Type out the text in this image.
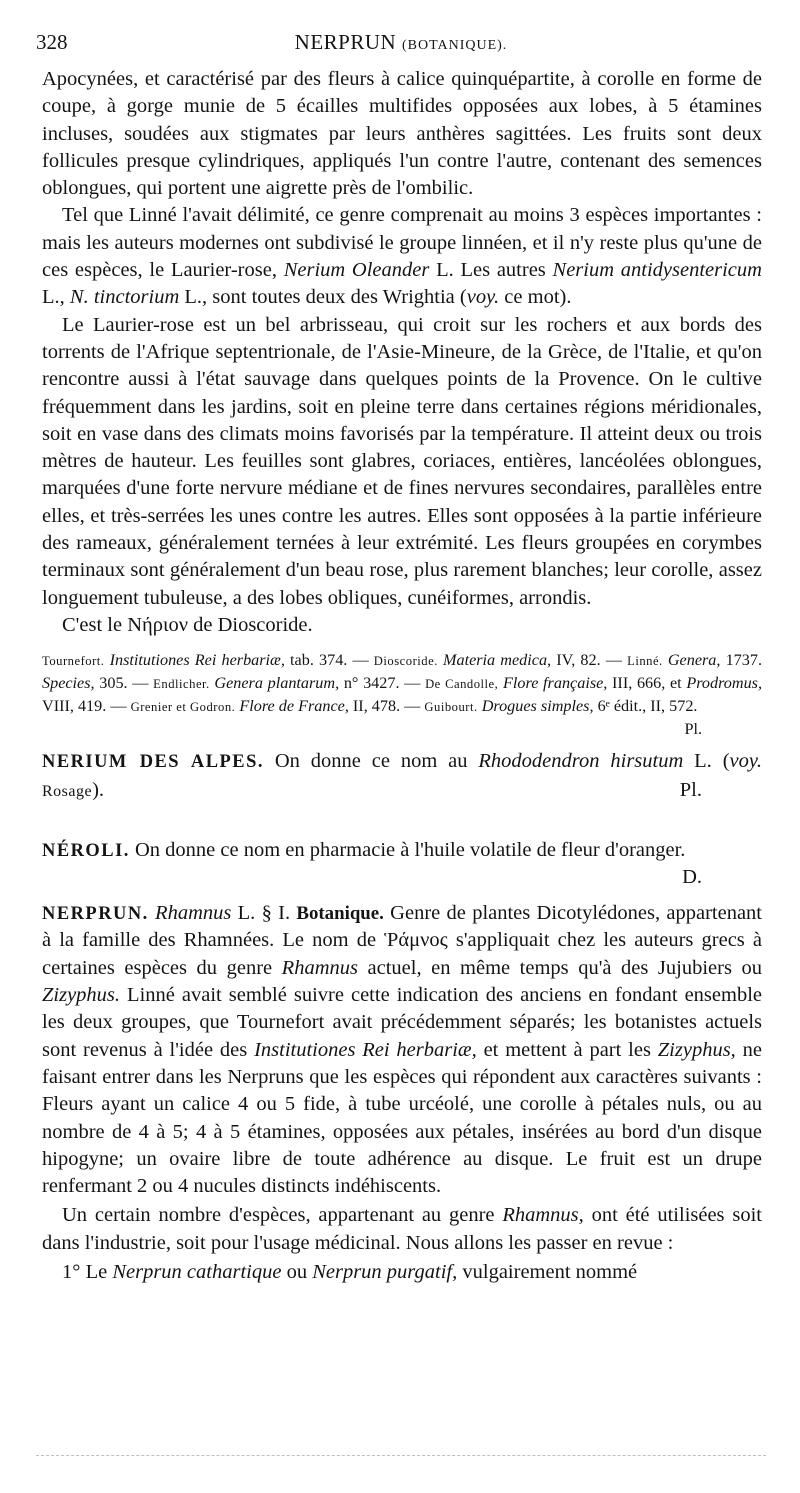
328	NERPRUN (BOTANIQUE).

Apocynées, et caractérisé par des fleurs à calice quinquépartite, à corolle en forme de coupe, à gorge munie de 5 écailles multifides opposées aux lobes, à 5 étamines incluses, soudées aux stigmates par leurs anthères sagittées. Les fruits sont deux follicules presque cylindriques, appliqués l'un contre l'autre, contenant des semences oblongues, qui portent une aigrette près de l'ombilic.

Tel que Linné l'avait délimité, ce genre comprenait au moins 3 espèces importantes : mais les auteurs modernes ont subdivisé le groupe linnéen, et il n'y reste plus qu'une de ces espèces, le Laurier-rose, Nerium Oleander L. Les autres Nerium antidysentericum L., N. tinctorium L., sont toutes deux des Wrightia (voy. ce mot).

Le Laurier-rose est un bel arbrisseau, qui croit sur les rochers et aux bords des torrents de l'Afrique septentrionale, de l'Asie-Mineure, de la Grèce, de l'Italie, et qu'on rencontre aussi à l'état sauvage dans quelques points de la Provence. On le cultive fréquemment dans les jardins, soit en pleine terre dans certaines régions méridionales, soit en vase dans des climats moins favorisés par la température. Il atteint deux ou trois mètres de hauteur. Les feuilles sont glabres, coriaces, entières, lancéolées oblongues, marquées d'une forte nervure médiane et de fines nervures secondaires, parallèles entre elles, et très-serrées les unes contre les autres. Elles sont opposées à la partie inférieure des rameaux, généralement ternées à leur extrémité. Les fleurs groupées en corymbes terminaux sont généralement d'un beau rose, plus rarement blanches; leur corolle, assez longuement tubuleuse, a des lobes obliques, cunéiformes, arrondis.

C'est le Νήριον de Dioscoride.

Tournefort. Institutiones Rei herbariæ, tab. 374. — Dioscoride. Materia medica, IV, 82. — Linné. Genera, 1737. Species, 305. — Endlicher. Genera plantarum, n° 3427. — De Candolle, Flore française, III, 666, et Prodromus, VIII, 419. — Grenier et Godron. Flore de France, II, 478. — Guibourt. Drogues simples, 6ᵉ édit., II, 572.
Pl.

NERIUM DES ALPES. On donne ce nom au Rhododendron hirsutum L. (voy. Rosage).	Pl.

NÉROLI. On donne ce nom en pharmacie à l'huile volatile de fleur d'oranger.
D.

NERPRUN. Rhamnus L. § I. Botanique. Genre de plantes Dicotylédones, appartenant à la famille des Rhamnées. Le nom de Ῥάμνος s'appliquait chez les auteurs grecs à certaines espèces du genre Rhamnus actuel, en même temps qu'à des Jujubiers ou Zizyphus. Linné avait semblé suivre cette indication des anciens en fondant ensemble les deux groupes, que Tournefort avait précédemment séparés; les botanistes actuels sont revenus à l'idée des Institutiones Rei herbariæ, et mettent à part les Zizyphus, ne faisant entrer dans les Nerpruns que les espèces qui répondent aux caractères suivants : Fleurs ayant un calice 4 ou 5 fide, à tube urcéolé, une corolle à pétales nuls, ou au nombre de 4 à 5; 4 à 5 étamines, opposées aux pétales, insérées au bord d'un disque hipogyne; un ovaire libre de toute adhérence au disque. Le fruit est un drupe renfermant 2 ou 4 nucules distincts indéhiscents.

Un certain nombre d'espèces, appartenant au genre Rhamnus, ont été utilisées soit dans l'industrie, soit pour l'usage médicinal. Nous allons les passer en revue :

1° Le Nerprun cathartique ou Nerprun purgatif, vulgairement nommé
